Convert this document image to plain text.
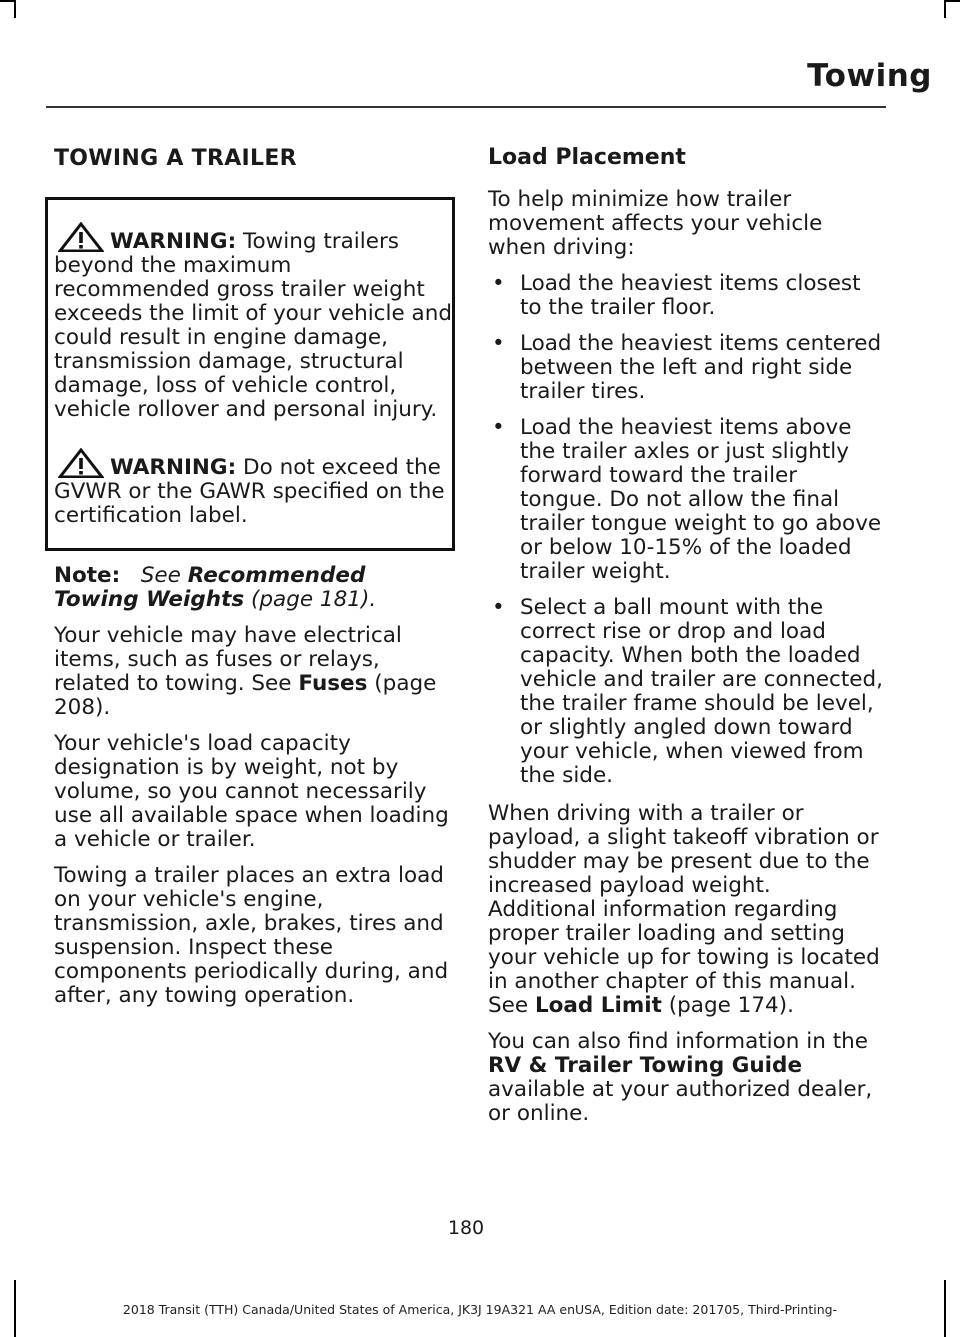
Towing
TOWING A TRAILER

WARNING: Towing trailers beyond the maximum recommended gross trailer weight exceeds the limit of your vehicle and could result in engine damage, transmission damage, structural damage, loss of vehicle control, vehicle rollover and personal injury.

WARNING: Do not exceed the GVWR or the GAWR specified on the certification label.

Note: See Recommended Towing Weights (page 181).

Your vehicle may have electrical items, such as fuses or relays, related to towing. See Fuses (page 208).

Your vehicle's load capacity designation is by weight, not by volume, so you cannot necessarily use all available space when loading a vehicle or trailer.

Towing a trailer places an extra load on your vehicle's engine, transmission, axle, brakes, tires and suspension. Inspect these components periodically during, and after, any towing operation.

Load Placement

To help minimize how trailer movement affects your vehicle when driving:

• Load the heaviest items closest to the trailer floor.
• Load the heaviest items centered between the left and right side trailer tires.
• Load the heaviest items above the trailer axles or just slightly forward toward the trailer tongue. Do not allow the final trailer tongue weight to go above or below 10-15% of the loaded trailer weight.
• Select a ball mount with the correct rise or drop and load capacity. When both the loaded vehicle and trailer are connected, the trailer frame should be level, or slightly angled down toward your vehicle, when viewed from the side.

When driving with a trailer or payload, a slight takeoff vibration or shudder may be present due to the increased payload weight. Additional information regarding proper trailer loading and setting your vehicle up for towing is located in another chapter of this manual. See Load Limit (page 174).

You can also find information in the RV & Trailer Towing Guide available at your authorized dealer, or online.

180
2018 Transit (TTH) Canada/United States of America, JK3J 19A321 AA enUSA, Edition date: 201705, Third-Printing-
